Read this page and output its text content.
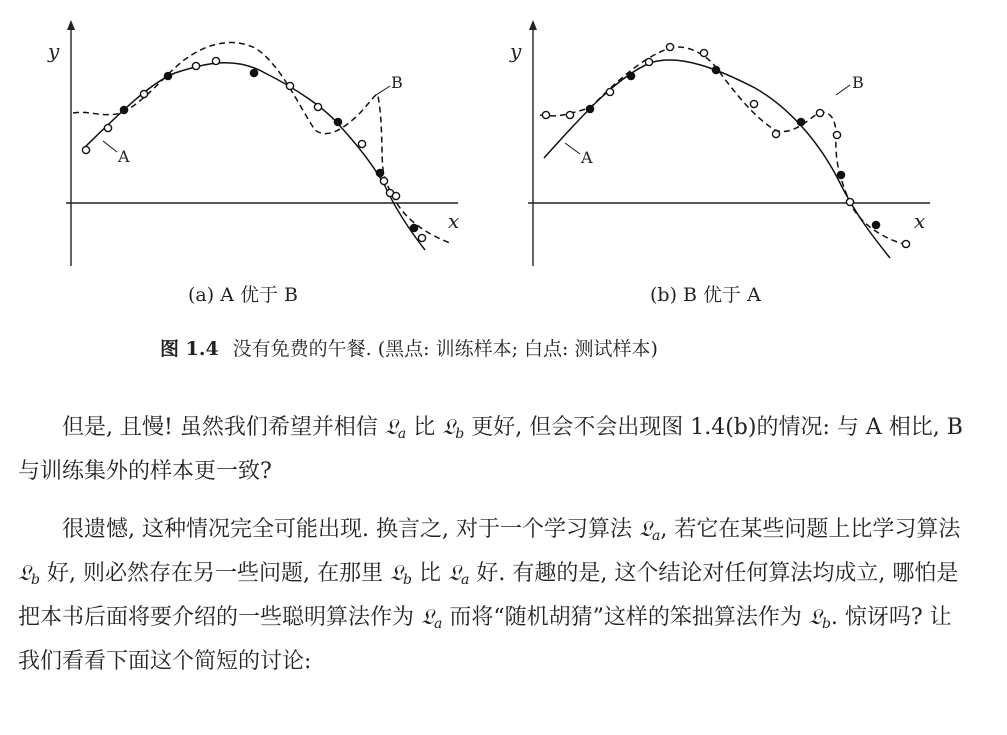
y
x
A
B
y
x
A
B
(a) A 优于 B	(b) B 优于 A
图 1.4 没有免费的午餐. (黑点: 训练样本; 白点: 测试样本)
但是, 且慢! 虽然我们希望并相信 𝔏$_a$ 比 𝔏$_b$ 更好, 但会不会出现图 1.4(b)的情况: 与 A 相比, B 与训练集外的样本更一致?
很遗憾, 这种情况完全可能出现. 换言之, 对于一个学习算法 𝔏$_a$, 若它在某些问题上比学习算法 𝔏$_b$ 好, 则必然存在另一些问题, 在那里 𝔏$_b$ 比 𝔏$_a$ 好. 有趣的是, 这个结论对任何算法均成立, 哪怕是把本书后面将要介绍的一些聪明算法作为 𝔏$_a$ 而将“随机胡猜”这样的笨拙算法作为 𝔏$_b$. 惊讶吗? 让我们看看下面这个简短的讨论:
